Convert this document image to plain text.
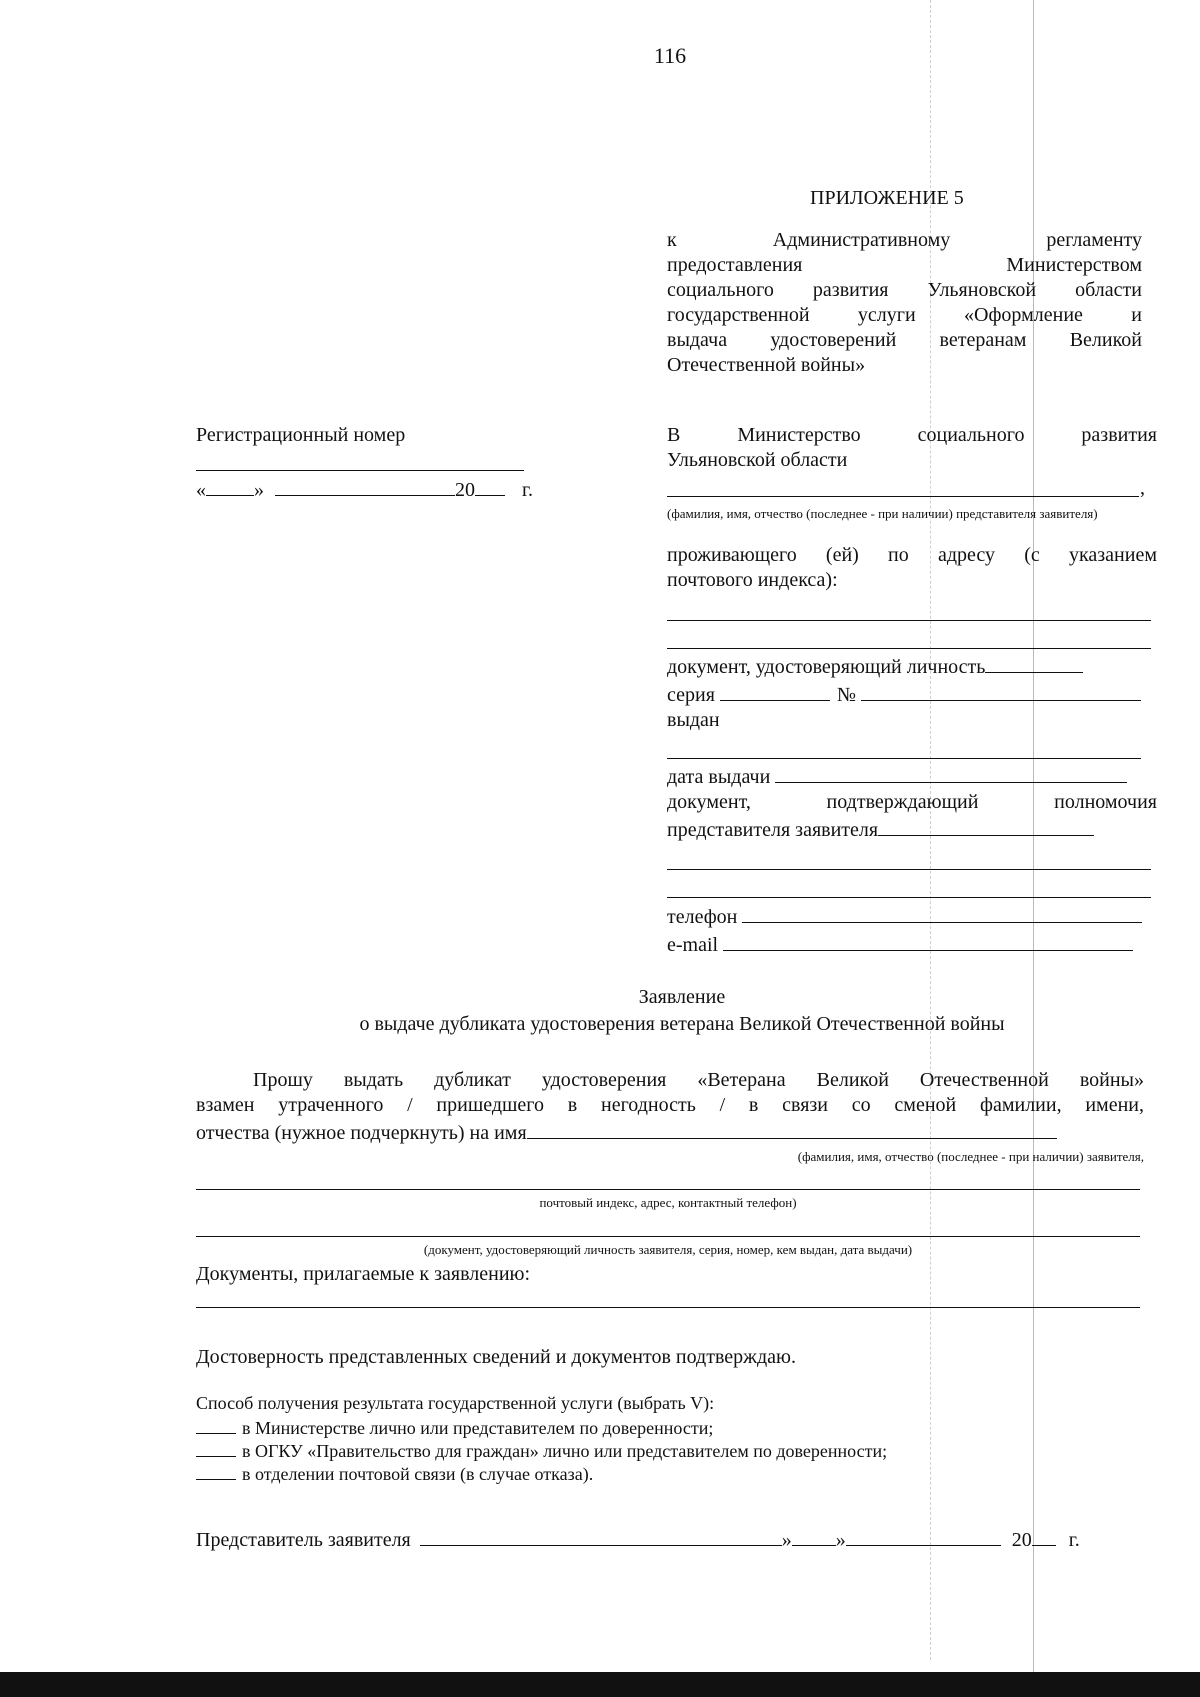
116
ПРИЛОЖЕНИЕ 5
к Административному регламенту
предоставления Министерством
социального развития Ульяновской области
государственной услуги «Оформление и
выдача удостоверений ветеранам Великой
Отечественной войны»
Регистрационный номер
« »	20 г.
В Министерство социального развития
Ульяновской области
,
(фамилия, имя, отчество (последнее - при наличии) представителя заявителя)
проживающего (ей) по адресу (с указанием
почтового индекса):
документ, удостоверяющий личность
серия	№
выдан
дата выдачи
документ, подтверждающий полномочия
представителя заявителя
телефон
e-mail
Заявление
о выдаче дубликата удостоверения ветерана Великой Отечественной войны
Прошу выдать дубликат удостоверения «Ветерана Великой Отечественной войны»
взамен утраченного / пришедшего в негодность / в связи со сменой фамилии, имени,
отчества (нужное подчеркнуть) на имя
(фамилия, имя, отчество (последнее - при наличии) заявителя,
почтовый индекс, адрес, контактный телефон)
(документ, удостоверяющий личность заявителя, серия, номер, кем выдан, дата выдачи)
Документы, прилагаемые к заявлению:
Достоверность представленных сведений и документов подтверждаю.
Способ получения результата государственной услуги (выбрать V):
в Министерстве лично или представителем по доверенности;
в ОГКУ «Правительство для граждан» лично или представителем по доверенности;
в отделении почтовой связи (в случае отказа).
Представитель заявителя	» »	20 г.
